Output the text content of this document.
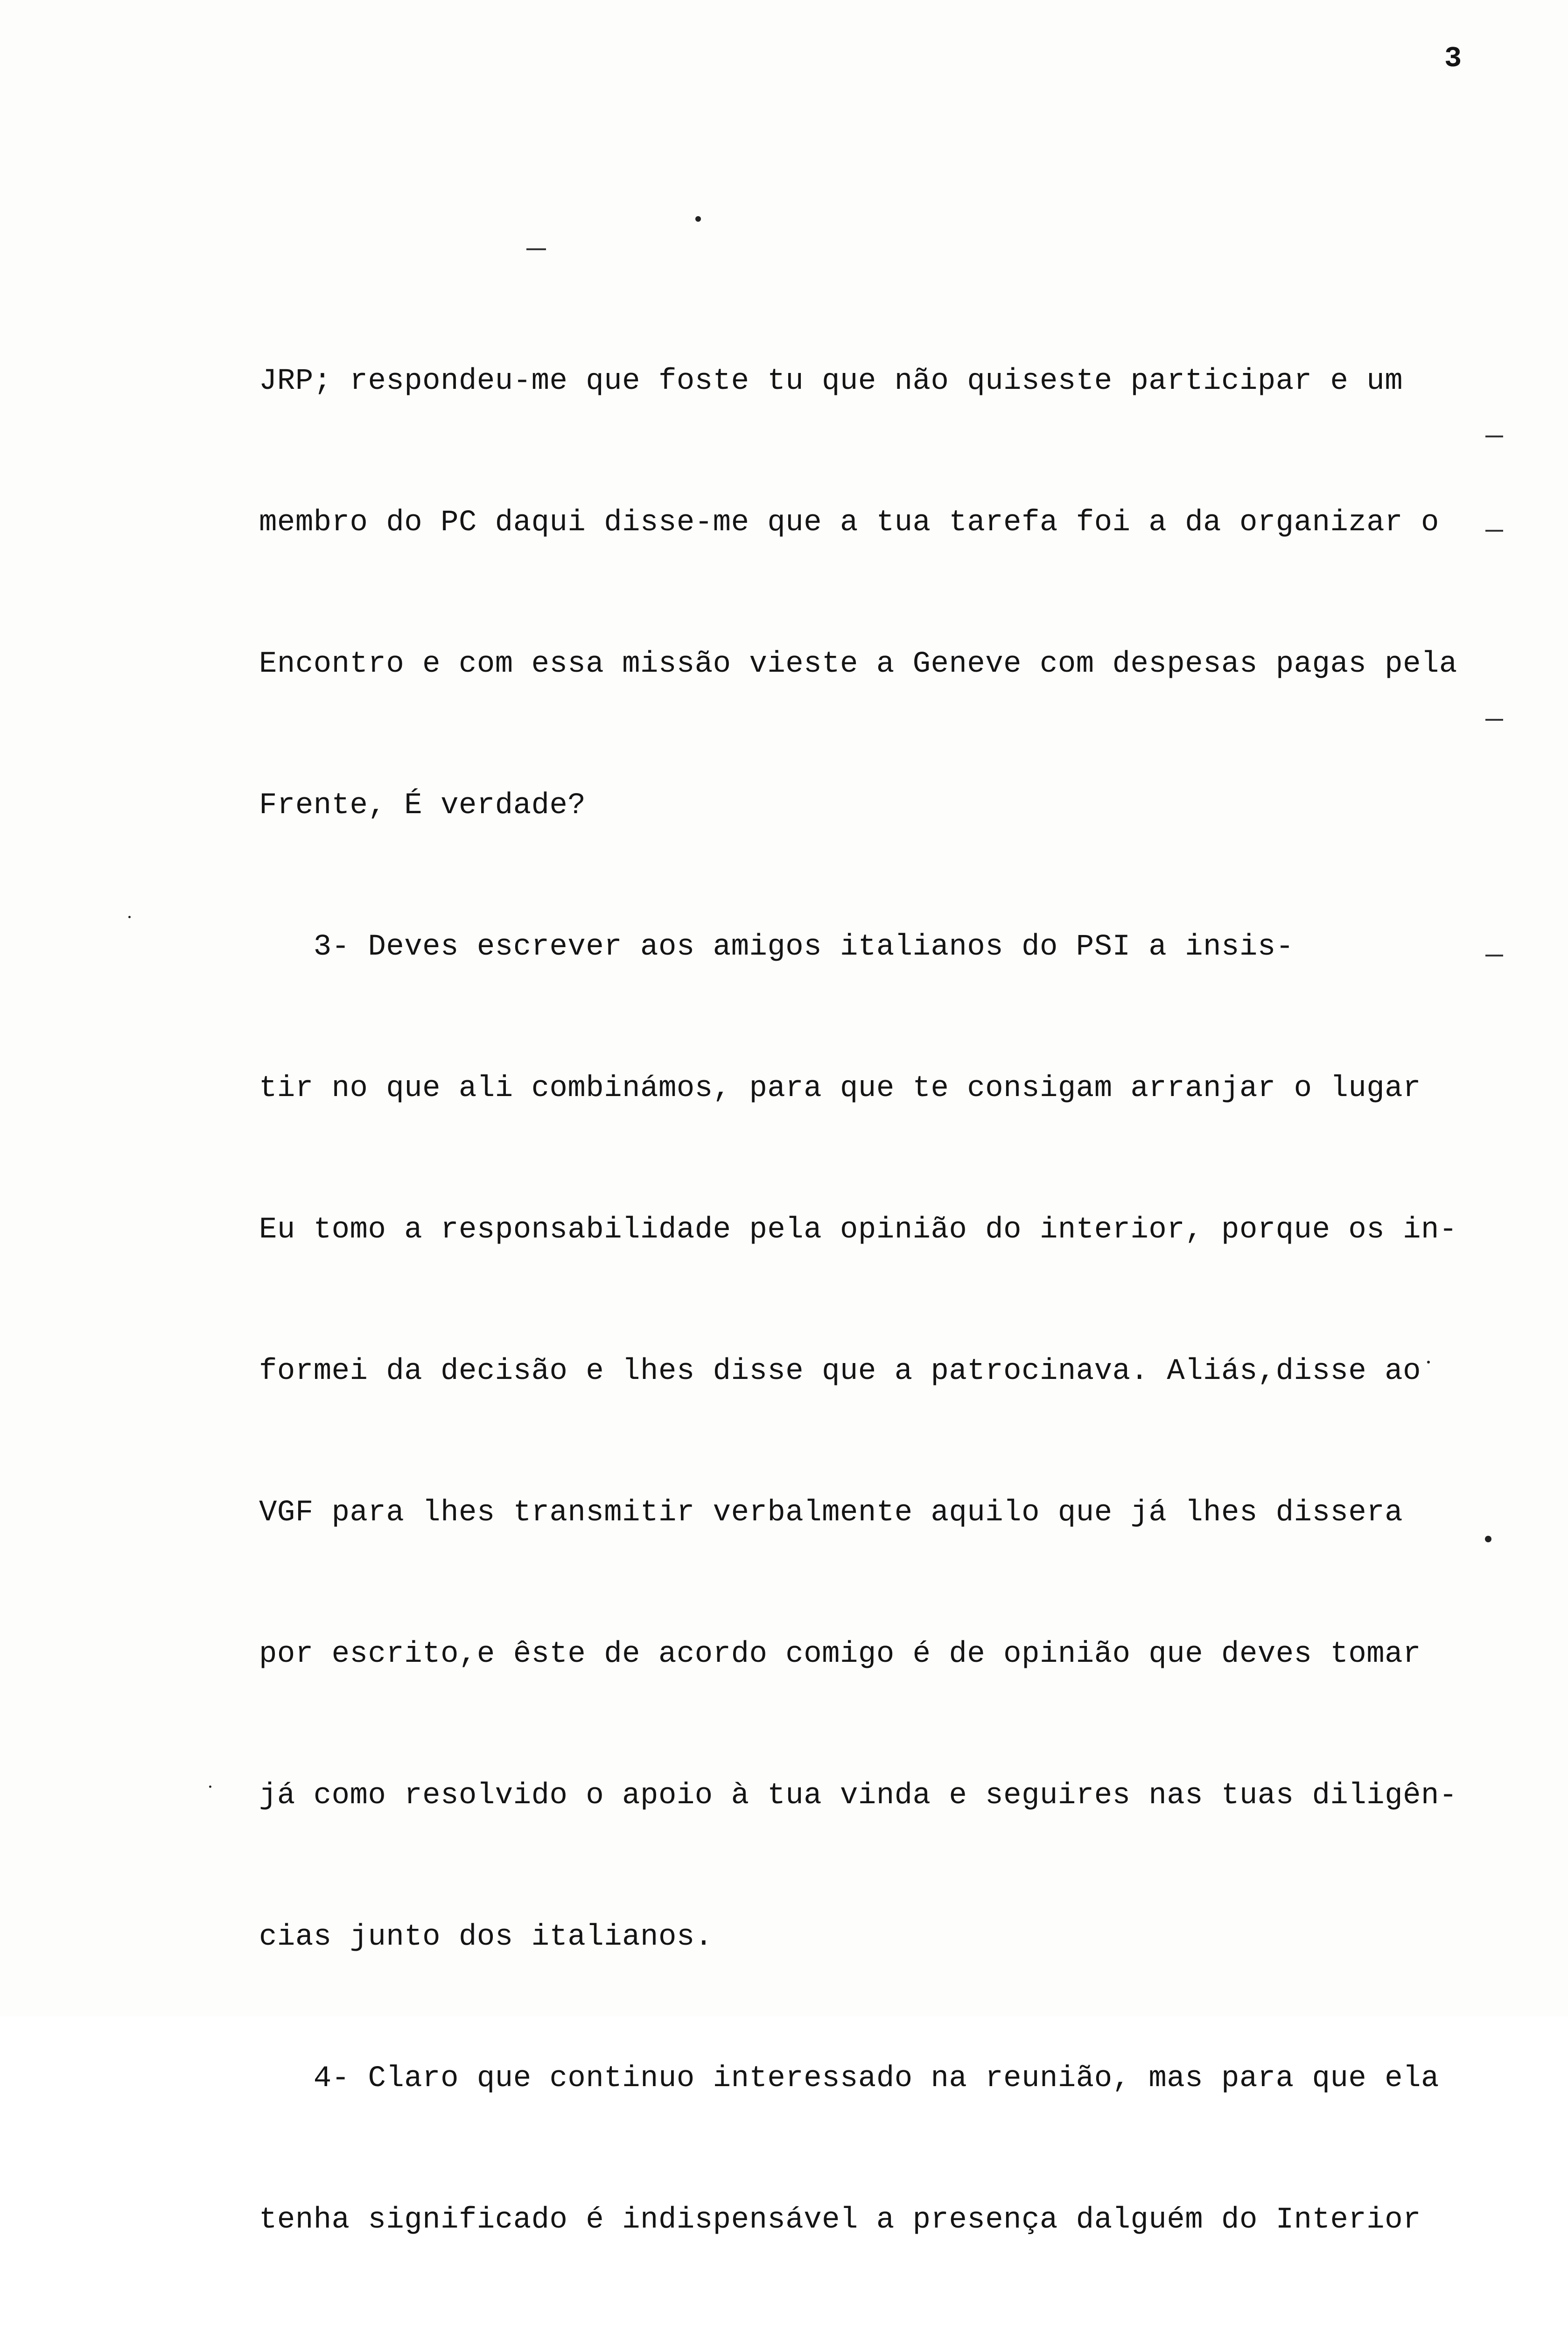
3

JRP; respondeu-me que foste tu que não quiseste participar e um

membro do PC daqui disse-me que a tua tarefa foi a da organizar o

Encontro e com essa missão vieste a Geneve com despesas pagas pela

Frente, É verdade?

3- Deves escrever aos amigos italianos do PSI a insis-

tir no que ali combinámos, para que te consigam arranjar o lugar

Eu tomo a responsabilidade pela opinião do interior, porque os in-

formei da decisão e lhes disse que a patrocinava. Aliás,disse ao

VGF para lhes transmitir verbalmente aquilo que já lhes dissera

por escrito,e êste de acordo comigo é de opinião que deves tomar

já como resolvido o apoio à tua vinda e seguires nas tuas diligên-

cias junto dos italianos.

4- Claro que continuo interessado na reunião, mas para que ela

tenha significado é indispensável a presença dalguém do Interior
